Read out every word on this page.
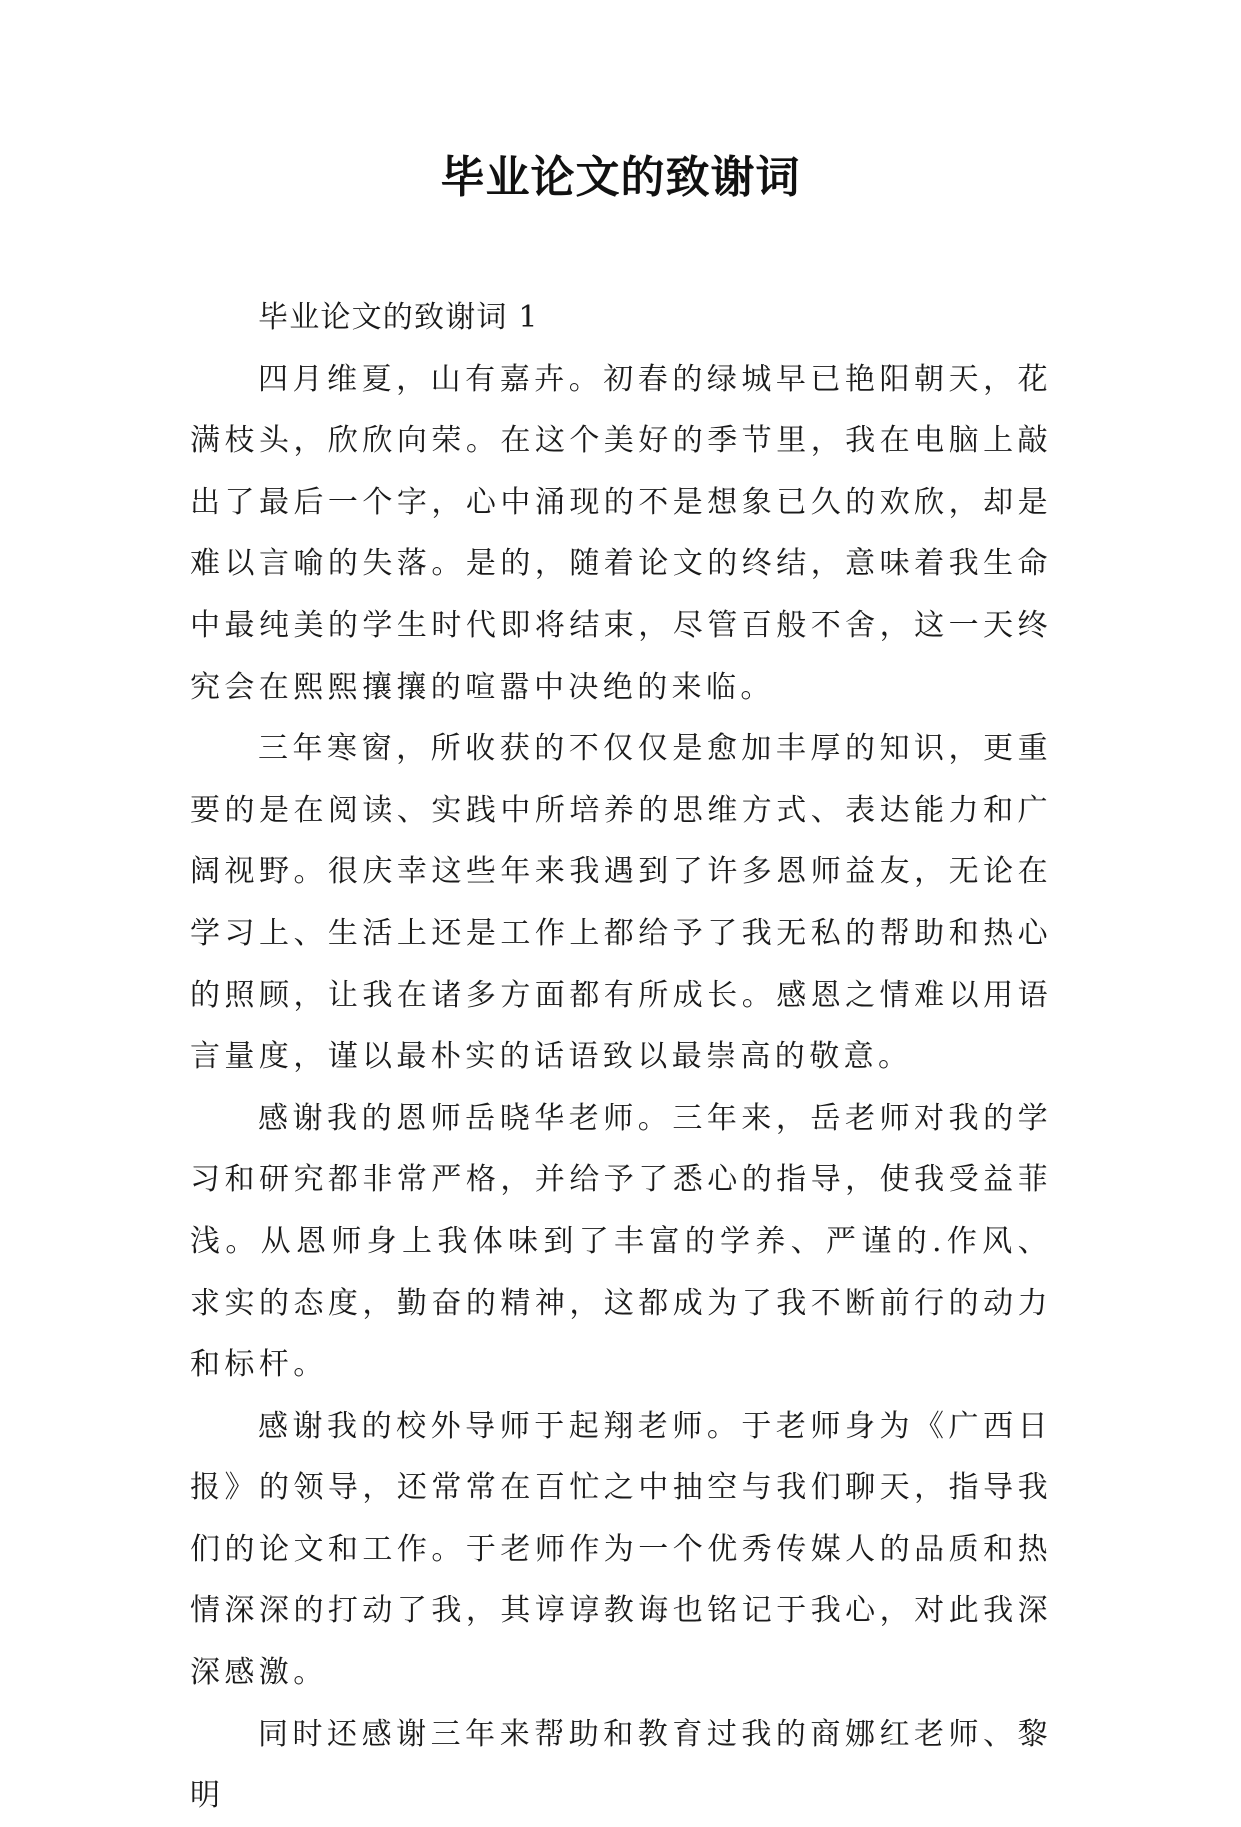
毕业论文的致谢词

毕业论文的致谢词 1

四月维夏，山有嘉卉。初春的绿城早已艳阳朝天，花满枝头，欣欣向荣。在这个美好的季节里，我在电脑上敲出了最后一个字，心中涌现的不是想象已久的欢欣，却是难以言喻的失落。是的，随着论文的终结，意味着我生命中最纯美的学生时代即将结束，尽管百般不舍，这一天终究会在熙熙攘攘的喧嚣中决绝的来临。

三年寒窗，所收获的不仅仅是愈加丰厚的知识，更重要的是在阅读、实践中所培养的思维方式、表达能力和广阔视野。很庆幸这些年来我遇到了许多恩师益友，无论在学习上、生活上还是工作上都给予了我无私的帮助和热心的照顾，让我在诸多方面都有所成长。感恩之情难以用语言量度，谨以最朴实的话语致以最崇高的敬意。

感谢我的恩师岳晓华老师。三年来，岳老师对我的学习和研究都非常严格，并给予了悉心的指导，使我受益菲浅。从恩师身上我体味到了丰富的学养、严谨的.作风、求实的态度，勤奋的精神，这都成为了我不断前行的动力和标杆。

感谢我的校外导师于起翔老师。于老师身为《广西日报》的领导，还常常在百忙之中抽空与我们聊天，指导我们的论文和工作。于老师作为一个优秀传媒人的品质和热情深深的打动了我，其谆谆教诲也铭记于我心，对此我深深感激。

同时还感谢三年来帮助和教育过我的商娜红老师、黎明
